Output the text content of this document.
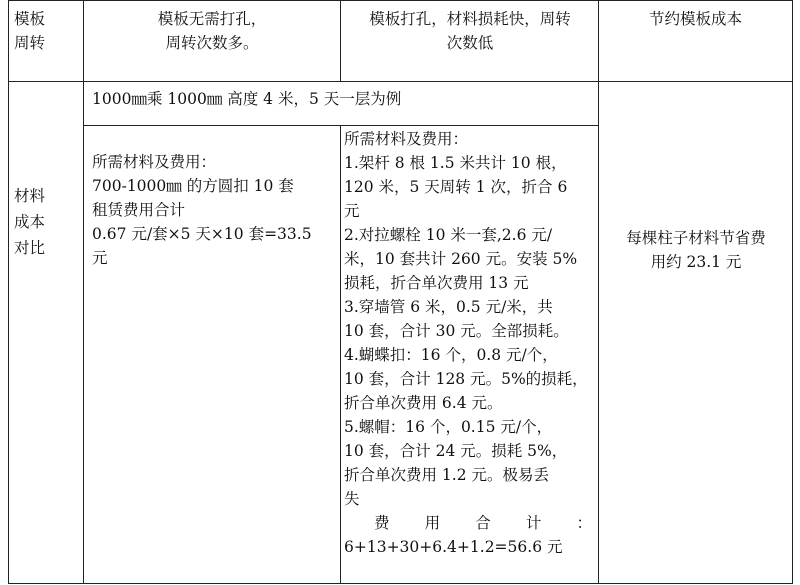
模板
周转
模板无需打孔，
周转次数多。
模板打孔，材料损耗快，周转
次数低
节约模板成本
材料
成本
对比
1000㎜乘 1000㎜ 高度 4 米，5 天一层为例
所需材料及费用：
700-1000㎜ 的方圆扣 10 套
租赁费用合计
0.67 元/套×5 天×10 套=33.5
元
所需材料及费用：
1.架杆 8 根 1.5 米共计 10 根，
120 米，5 天周转 1 次，折合 6
元
2.对拉螺栓 10 米一套,2.6 元/
米，10 套共计 260 元。安装 5%
损耗，折合单次费用 13 元
3.穿墙管 6 米，0.5 元/米，共
10 套，合计 30 元。全部损耗。
4.蝴蝶扣：16 个，0.8 元/个，
10 套，合计 128 元。5%的损耗，
折合单次费用 6.4 元。
5.螺帽：16 个，0.15 元/个，
10 套，合计 24 元。损耗 5%，
折合单次费用 1.2 元。极易丢
失
费 用 合 计 ：
6+13+30+6.4+1.2=56.6 元
每棵柱子材料节省费
用约 23.1 元
